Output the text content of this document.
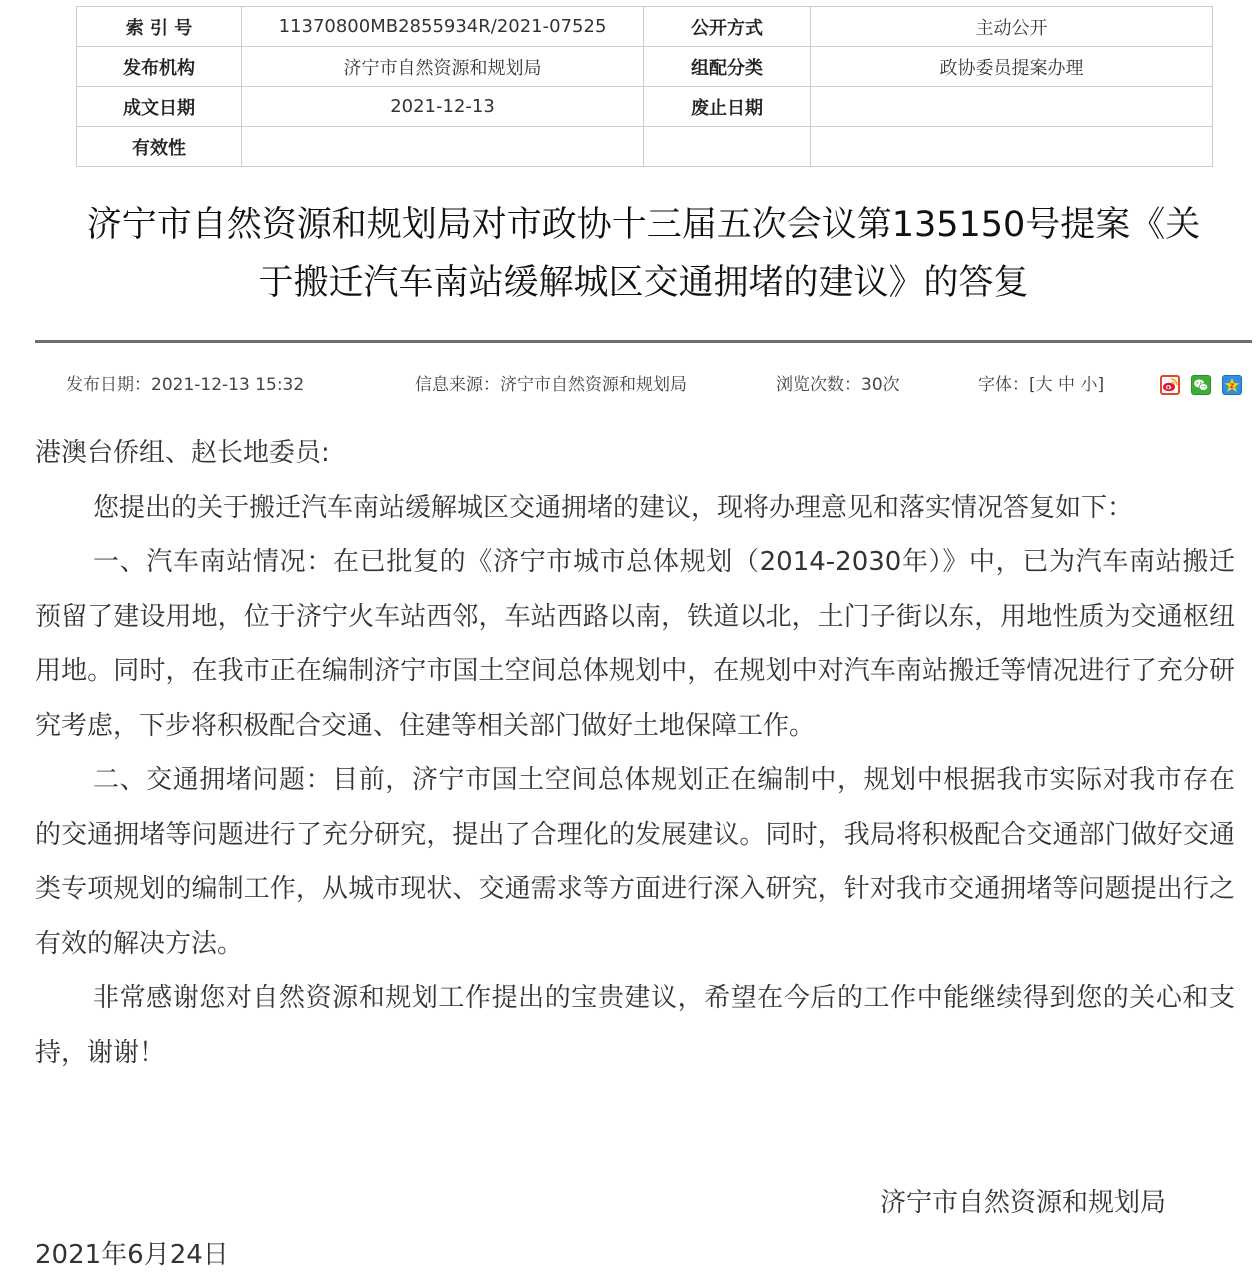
索 引 号	11370800MB2855934R/2021-07525	公开方式	主动公开
发布机构	济宁市自然资源和规划局	组配分类	政协委员提案办理
成文日期	2021-12-13	废止日期	
有效性			
济宁市自然资源和规划局对市政协十三届五次会议第135150号提案《关
于搬迁汽车南站缓解城区交通拥堵的建议》的答复
发布日期：2021-12-13 15:32	信息来源：济宁市自然资源和规划局	浏览次数：30次	字体：[大 中 小]	Z

港澳台侨组、赵长地委员:

您提出的关于搬迁汽车南站缓解城区交通拥堵的建议，现将办理意见和落实情况答复如下：

一、汽车南站情况：在已批复的《济宁市城市总体规划（2014-2030年）》中，已为汽车南站搬迁预留了建设用地，位于济宁火车站西邻，车站西路以南，铁道以北，土门子街以东，用地性质为交通枢纽用地。同时，在我市正在编制济宁市国土空间总体规划中，在规划中对汽车南站搬迁等情况进行了充分研究考虑，下步将积极配合交通、住建等相关部门做好土地保障工作。

二、交通拥堵问题：目前，济宁市国土空间总体规划正在编制中，规划中根据我市实际对我市存在的交通拥堵等问题进行了充分研究，提出了合理化的发展建议。同时，我局将积极配合交通部门做好交通类专项规划的编制工作，从城市现状、交通需求等方面进行深入研究，针对我市交通拥堵等问题提出行之有效的解决方法。

非常感谢您对自然资源和规划工作提出的宝贵建议，希望在今后的工作中能继续得到您的关心和支持，谢谢！

济宁市自然资源和规划局
2021年6月24日
